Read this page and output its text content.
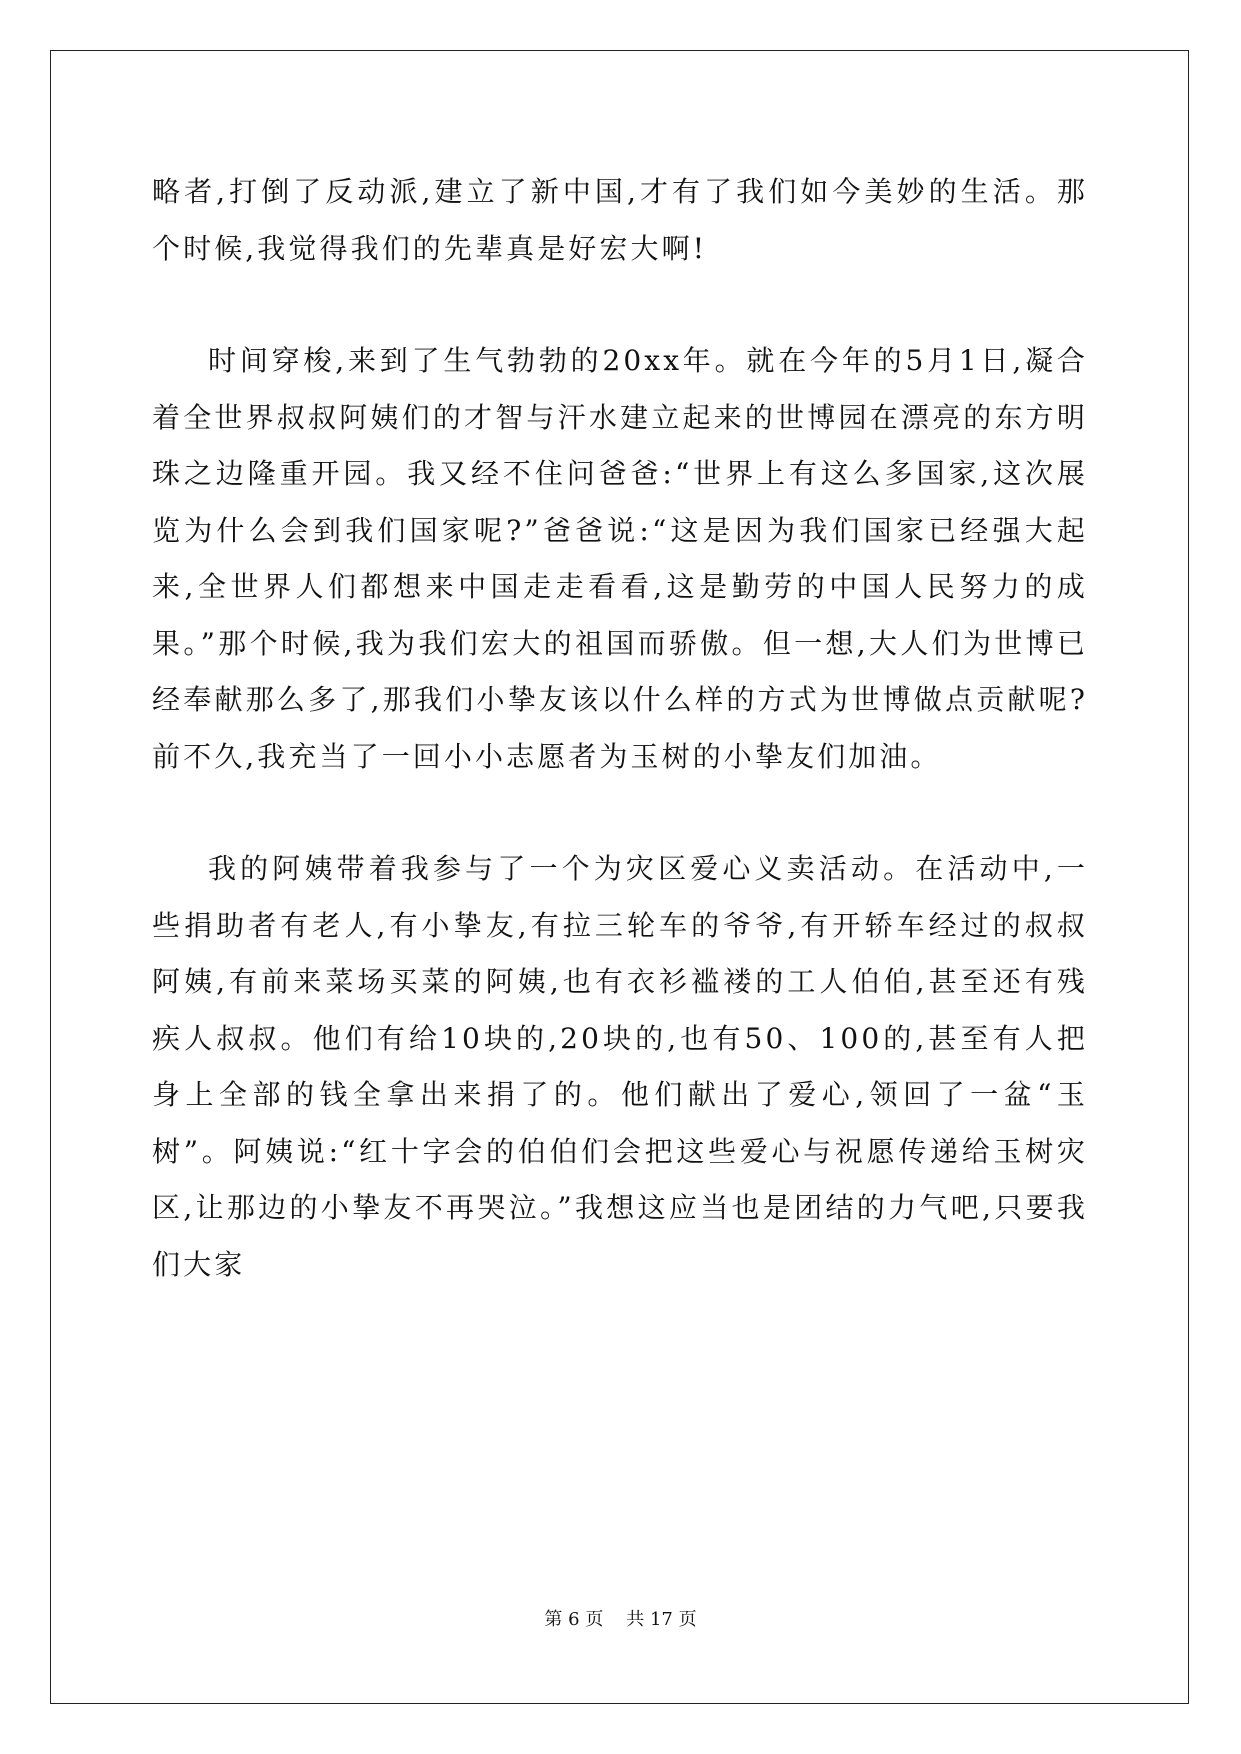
略者,打倒了反动派,建立了新中国,才有了我们如今美妙的生活。那个时候,我觉得我们的先辈真是好宏大啊!

时间穿梭,来到了生气勃勃的20xx年。就在今年的5月1日,凝合着全世界叔叔阿姨们的才智与汗水建立起来的世博园在漂亮的东方明珠之边隆重开园。我又经不住问爸爸:“世界上有这么多国家,这次展览为什么会到我们国家呢?”爸爸说:“这是因为我们国家已经强大起来,全世界人们都想来中国走走看看,这是勤劳的中国人民努力的成果。”那个时候,我为我们宏大的祖国而骄傲。但一想,大人们为世博已经奉献那么多了,那我们小挚友该以什么样的方式为世博做点贡献呢?前不久,我充当了一回小小志愿者为玉树的小挚友们加油。

我的阿姨带着我参与了一个为灾区爱心义卖活动。在活动中,一些捐助者有老人,有小挚友,有拉三轮车的爷爷,有开轿车经过的叔叔阿姨,有前来菜场买菜的阿姨,也有衣衫褴褛的工人伯伯,甚至还有残疾人叔叔。他们有给10块的,20块的,也有50、100的,甚至有人把身上全部的钱全拿出来捐了的。他们献出了爱心,领回了一盆“玉树”。阿姨说:“红十字会的伯伯们会把这些爱心与祝愿传递给玉树灾区,让那边的小挚友不再哭泣。”我想这应当也是团结的力气吧,只要我们大家

第 6 页 共 17 页
